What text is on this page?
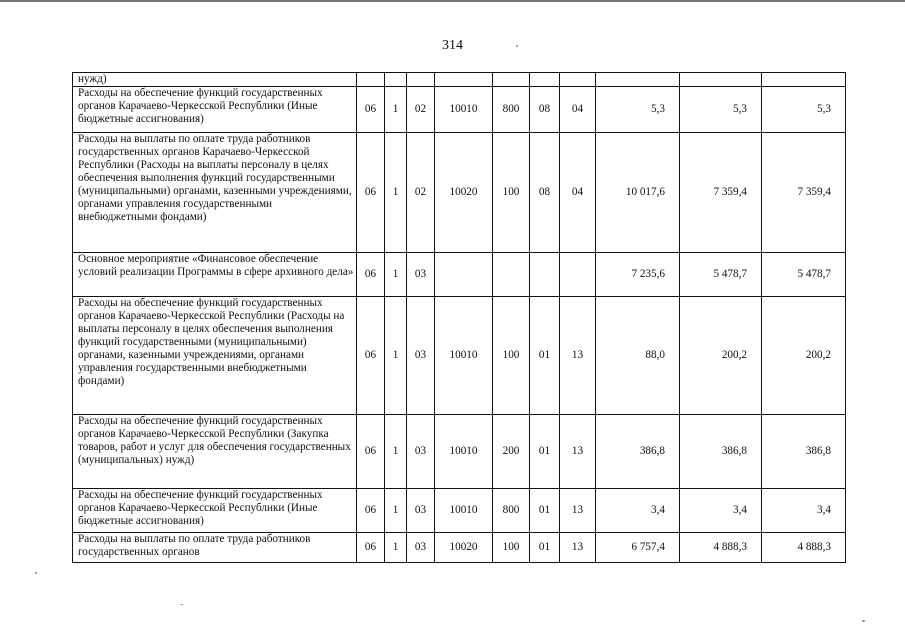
314
нужд)										
Расходы на обеспечение функций государственных органов Карачаево-Черкесской Республики (Иные бюджетные ассигнования)	06	1	02	10010	800	08	04	5,3	5,3	5,3
Расходы на выплаты по оплате труда работников государственных органов Карачаево-Черкесской Республики (Расходы на выплаты персоналу в целях обеспечения выполнения функций государственными (муниципальными) органами, казенными учреждениями, органами управления государственными внебюджетными фондами)	06	1	02	10020	100	08	04	10 017,6	7 359,4	7 359,4
Основное мероприятие «Финансовое обеспечение условий реализации Программы в сфере архивного дела»	06	1	03					7 235,6	5 478,7	5 478,7
Расходы на обеспечение функций государственных органов Карачаево-Черкесской Республики (Расходы на выплаты персоналу в целях обеспечения выполнения функций государственными (муниципальными) органами, казенными учреждениями, органами управления государственными внебюджетными фондами)	06	1	03	10010	100	01	13	88,0	200,2	200,2
Расходы на обеспечение функций государственных органов Карачаево-Черкесской Республики (Закупка товаров, работ и услуг для обеспечения государственных (муниципальных) нужд)	06	1	03	10010	200	01	13	386,8	386,8	386,8
Расходы на обеспечение функций государственных органов Карачаево-Черкесской Республики (Иные бюджетные ассигнования)	06	1	03	10010	800	01	13	3,4	3,4	3,4
Расходы на выплаты по оплате труда работников государственных органов	06	1	03	10020	100	01	13	6 757,4	4 888,3	4 888,3
